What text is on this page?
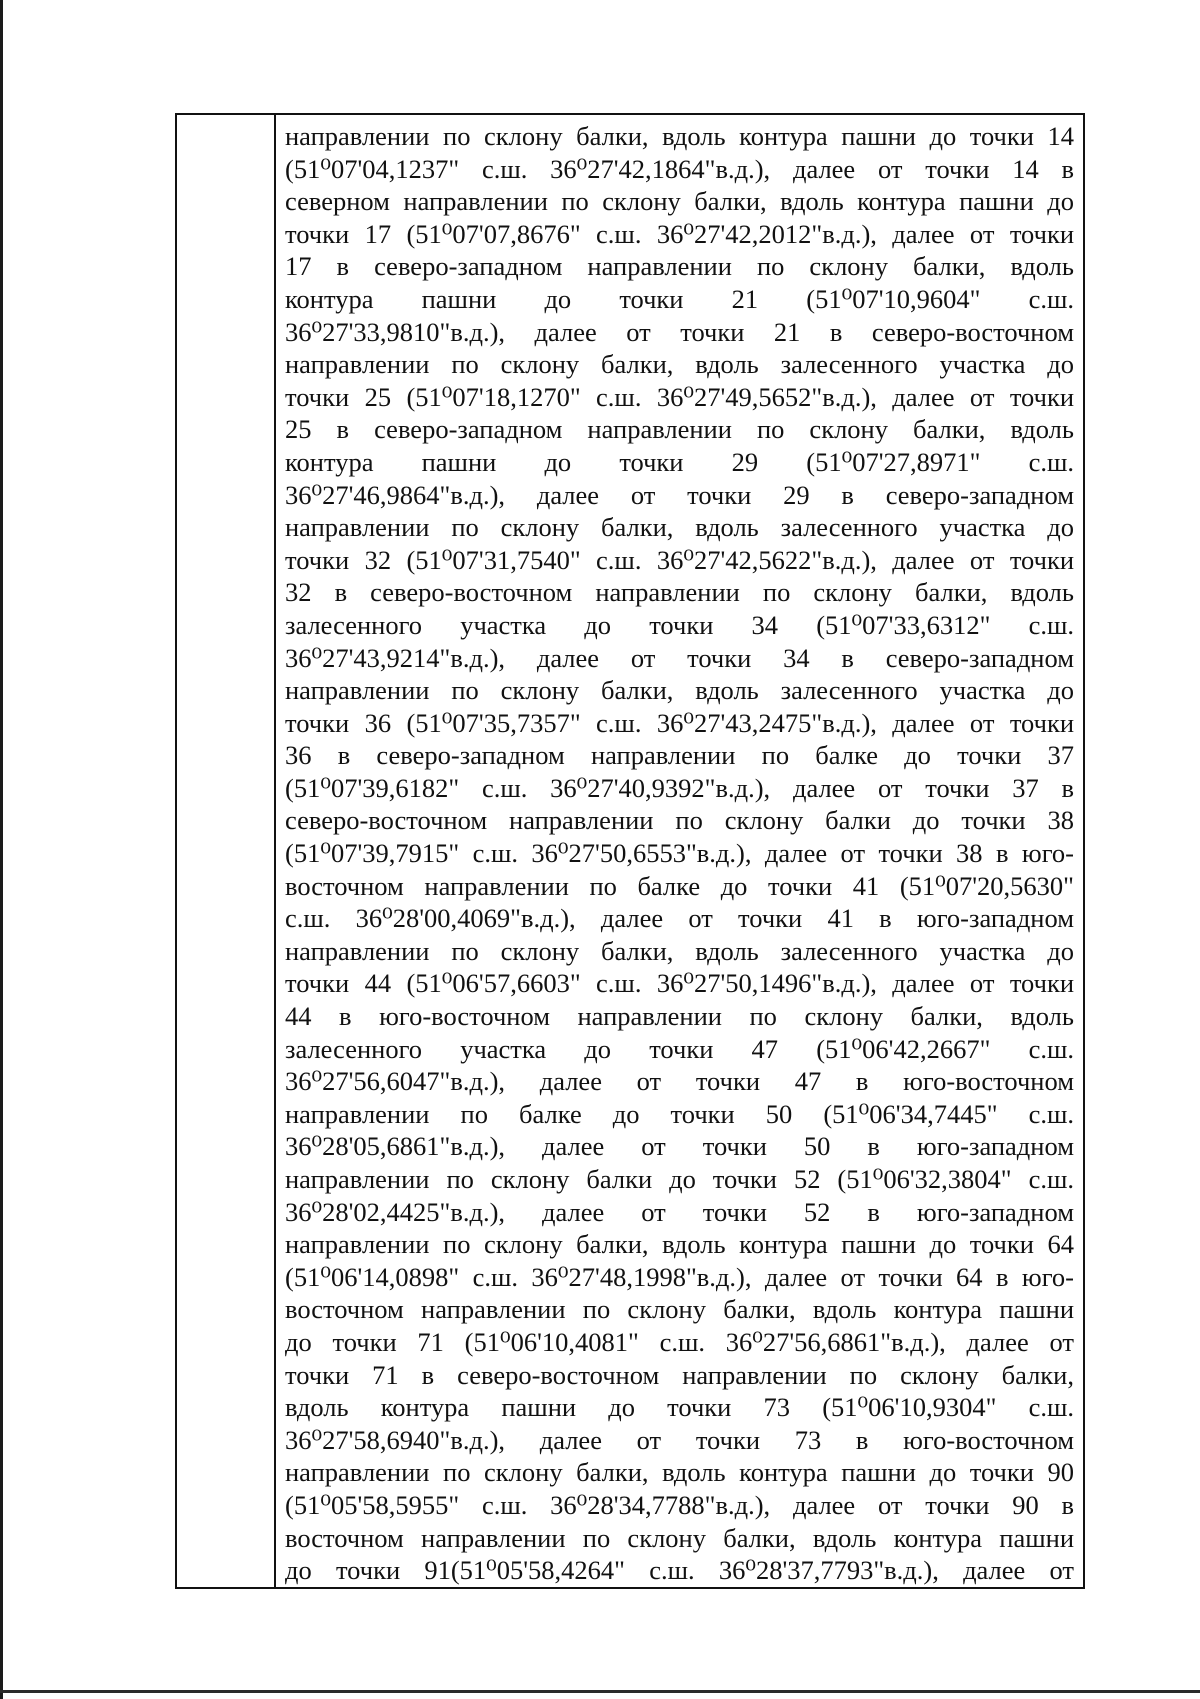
направлении по склону балки, вдоль контура пашни до точки 14
(51⁰07'04,1237" с.ш. 36⁰27'42,1864"в.д.), далее от точки 14 в
северном направлении по склону балки, вдоль контура пашни до
точки 17 (51⁰07'07,8676" с.ш. 36⁰27'42,2012"в.д.), далее от точки
17 в северо-западном направлении по склону балки, вдоль
контура пашни до точки 21 (51⁰07'10,9604" с.ш.
36⁰27'33,9810"в.д.), далее от точки 21 в северо-восточном
направлении по склону балки, вдоль залесенного участка до
точки 25 (51⁰07'18,1270" с.ш. 36⁰27'49,5652"в.д.), далее от точки
25 в северо-западном направлении по склону балки, вдоль
контура пашни до точки 29 (51⁰07'27,8971" с.ш.
36⁰27'46,9864"в.д.), далее от точки 29 в северо-западном
направлении по склону балки, вдоль залесенного участка до
точки 32 (51⁰07'31,7540" с.ш. 36⁰27'42,5622"в.д.), далее от точки
32 в северо-восточном направлении по склону балки, вдоль
залесенного участка до точки 34 (51⁰07'33,6312" с.ш.
36⁰27'43,9214"в.д.), далее от точки 34 в северо-западном
направлении по склону балки, вдоль залесенного участка до
точки 36 (51⁰07'35,7357" с.ш. 36⁰27'43,2475"в.д.), далее от точки
36 в северо-западном направлении по балке до точки 37
(51⁰07'39,6182" с.ш. 36⁰27'40,9392"в.д.), далее от точки 37 в
северо-восточном направлении по склону балки до точки 38
(51⁰07'39,7915" с.ш. 36⁰27'50,6553"в.д.), далее от точки 38 в юго-
восточном направлении по балке до точки 41 (51⁰07'20,5630"
с.ш. 36⁰28'00,4069"в.д.), далее от точки 41 в юго-западном
направлении по склону балки, вдоль залесенного участка до
точки 44 (51⁰06'57,6603" с.ш. 36⁰27'50,1496"в.д.), далее от точки
44 в юго-восточном направлении по склону балки, вдоль
залесенного участка до точки 47 (51⁰06'42,2667" с.ш.
36⁰27'56,6047"в.д.), далее от точки 47 в юго-восточном
направлении по балке до точки 50 (51⁰06'34,7445" с.ш.
36⁰28'05,6861"в.д.), далее от точки 50 в юго-западном
направлении по склону балки до точки 52 (51⁰06'32,3804" с.ш.
36⁰28'02,4425"в.д.), далее от точки 52 в юго-западном
направлении по склону балки, вдоль контура пашни до точки 64
(51⁰06'14,0898" с.ш. 36⁰27'48,1998"в.д.), далее от точки 64 в юго-
восточном направлении по склону балки, вдоль контура пашни
до точки 71 (51⁰06'10,4081" с.ш. 36⁰27'56,6861"в.д.), далее от
точки 71 в северо-восточном направлении по склону балки,
вдоль контура пашни до точки 73 (51⁰06'10,9304" с.ш.
36⁰27'58,6940"в.д.), далее от точки 73 в юго-восточном
направлении по склону балки, вдоль контура пашни до точки 90
(51⁰05'58,5955" с.ш. 36⁰28'34,7788"в.д.), далее от точки 90 в
восточном направлении по склону балки, вдоль контура пашни
до точки 91(51⁰05'58,4264" с.ш. 36⁰28'37,7793"в.д.), далее от
